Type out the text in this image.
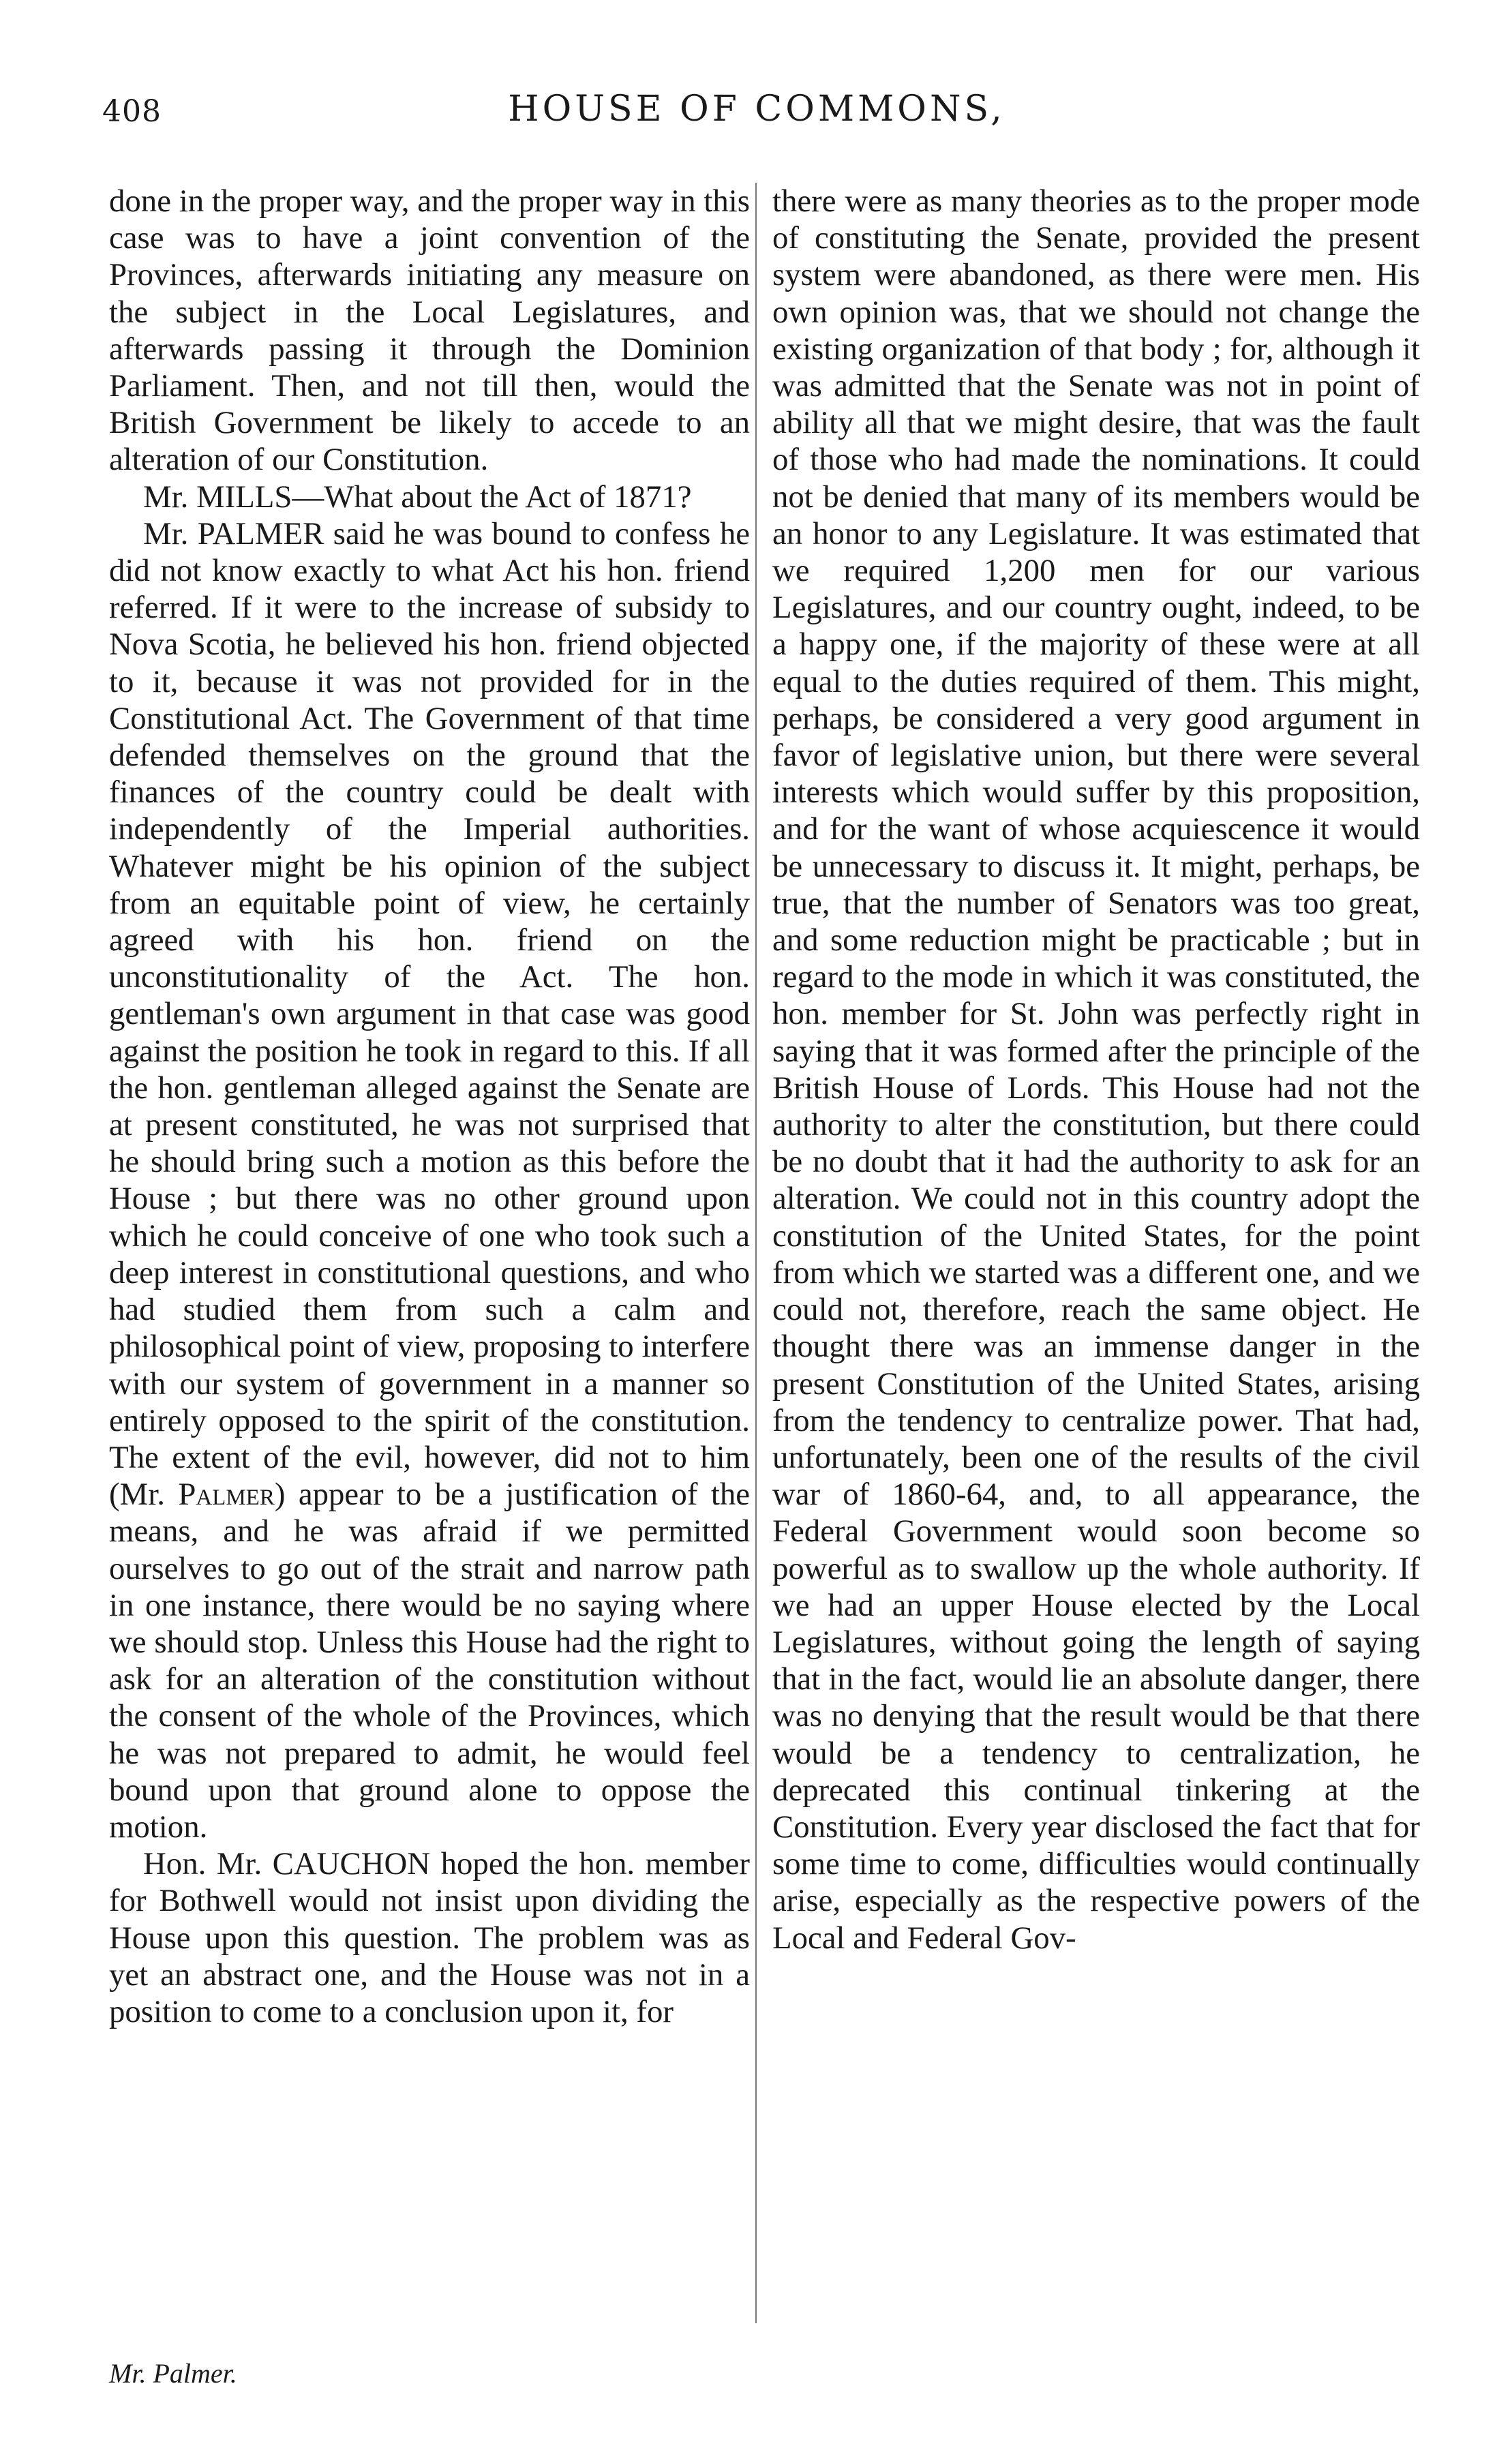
408	HOUSE OF COMMONS,

done in the proper way, and the proper way in this case was to have a joint convention of the Provinces, afterwards initiating any measure on the subject in the Local Legislatures, and afterwards passing it through the Dominion Parliament. Then, and not till then, would the British Government be likely to accede to an alteration of our Constitution.

Mr. MILLS—What about the Act of 1871?

Mr. PALMER said he was bound to confess he did not know exactly to what Act his hon. friend referred. If it were to the increase of subsidy to Nova Scotia, he believed his hon. friend objected to it, because it was not provided for in the Constitutional Act. The Government of that time defended themselves on the ground that the finances of the country could be dealt with independently of the Imperial authorities. Whatever might be his opinion of the subject from an equitable point of view, he certainly agreed with his hon. friend on the unconstitutionality of the Act. The hon. gentleman's own argument in that case was good against the position he took in regard to this. If all the hon. gentleman alleged against the Senate are at present constituted, he was not surprised that he should bring such a motion as this before the House ; but there was no other ground upon which he could conceive of one who took such a deep interest in constitutional questions, and who had studied them from such a calm and philosophical point of view, proposing to interfere with our system of government in a manner so entirely opposed to the spirit of the constitution. The extent of the evil, however, did not to him (Mr. Palmer) appear to be a justification of the means, and he was afraid if we permitted ourselves to go out of the strait and narrow path in one instance, there would be no saying where we should stop. Unless this House had the right to ask for an alteration of the constitution without the consent of the whole of the Provinces, which he was not prepared to admit, he would feel bound upon that ground alone to oppose the motion.

Hon. Mr. CAUCHON hoped the hon. member for Bothwell would not insist upon dividing the House upon this question. The problem was as yet an abstract one, and the House was not in a position to come to a conclusion upon it, for

there were as many theories as to the proper mode of constituting the Senate, provided the present system were abandoned, as there were men. His own opinion was, that we should not change the existing organization of that body ; for, although it was admitted that the Senate was not in point of ability all that we might desire, that was the fault of those who had made the nominations. It could not be denied that many of its members would be an honor to any Legislature. It was estimated that we required 1,200 men for our various Legislatures, and our country ought, indeed, to be a happy one, if the majority of these were at all equal to the duties required of them. This might, perhaps, be considered a very good argument in favor of legislative union, but there were several interests which would suffer by this proposition, and for the want of whose acquiescence it would be unnecessary to discuss it. It might, perhaps, be true, that the number of Senators was too great, and some reduction might be practicable ; but in regard to the mode in which it was constituted, the hon. member for St. John was perfectly right in saying that it was formed after the principle of the British House of Lords. This House had not the authority to alter the constitution, but there could be no doubt that it had the authority to ask for an alteration. We could not in this country adopt the constitution of the United States, for the point from which we started was a different one, and we could not, therefore, reach the same object. He thought there was an immense danger in the present Constitution of the United States, arising from the tendency to centralize power. That had, unfortunately, been one of the results of the civil war of 1860-64, and, to all appearance, the Federal Government would soon become so powerful as to swallow up the whole authority. If we had an upper House elected by the Local Legislatures, without going the length of saying that in the fact, would lie an absolute danger, there was no denying that the result would be that there would be a tendency to centralization, he deprecated this continual tinkering at the Constitution. Every year disclosed the fact that for some time to come, difficulties would continually arise, especially as the respective powers of the Local and Federal Gov-

Mr. Palmer.
